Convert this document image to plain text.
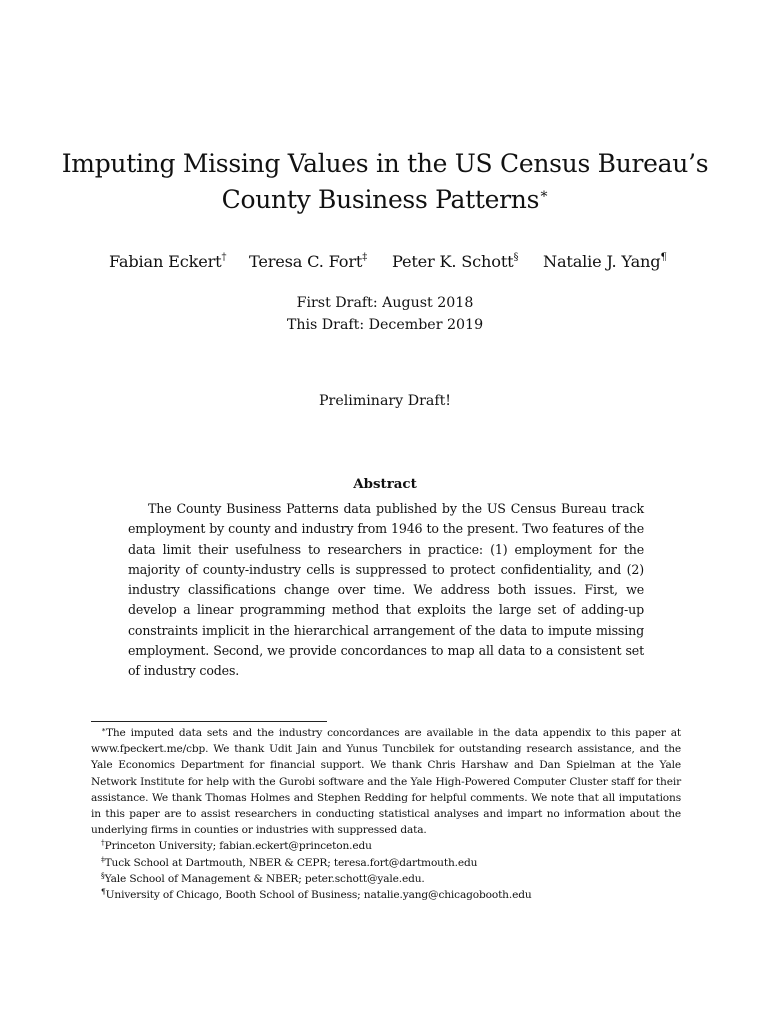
Imputing Missing Values in the US Census Bureau’s
County Business Patterns∗
Fabian Eckert† Teresa C. Fort‡ Peter K. Schott§ Natalie J. Yang¶
First Draft: August 2018
This Draft: December 2019
Preliminary Draft!
Abstract

The County Business Patterns data published by the US Census Bureau track employment by county and industry from 1946 to the present. Two features of the data limit their usefulness to researchers in practice: (1) employment for the majority of county-industry cells is suppressed to protect confidentiality, and (2) industry classifications change over time. We address both issues. First, we develop a linear programming method that exploits the large set of adding-up constraints implicit in the hierarchical arrangement of the data to impute missing employment. Second, we provide concordances to map all data to a consistent set of industry codes.

∗The imputed data sets and the industry concordances are available in the data appendix to this paper at www.fpeckert.me/cbp. We thank Udit Jain and Yunus Tuncbilek for outstanding research assistance, and the Yale Economics Department for financial support. We thank Chris Harshaw and Dan Spielman at the Yale Network Institute for help with the Gurobi software and the Yale High-Powered Computer Cluster staff for their assistance. We thank Thomas Holmes and Stephen Redding for helpful comments. We note that all imputations in this paper are to assist researchers in conducting statistical analyses and impart no information about the underlying firms in counties or industries with suppressed data.

†Princeton University; fabian.eckert@princeton.edu

‡Tuck School at Dartmouth, NBER & CEPR; teresa.fort@dartmouth.edu

§Yale School of Management & NBER; peter.schott@yale.edu.

¶University of Chicago, Booth School of Business; natalie.yang@chicagobooth.edu
